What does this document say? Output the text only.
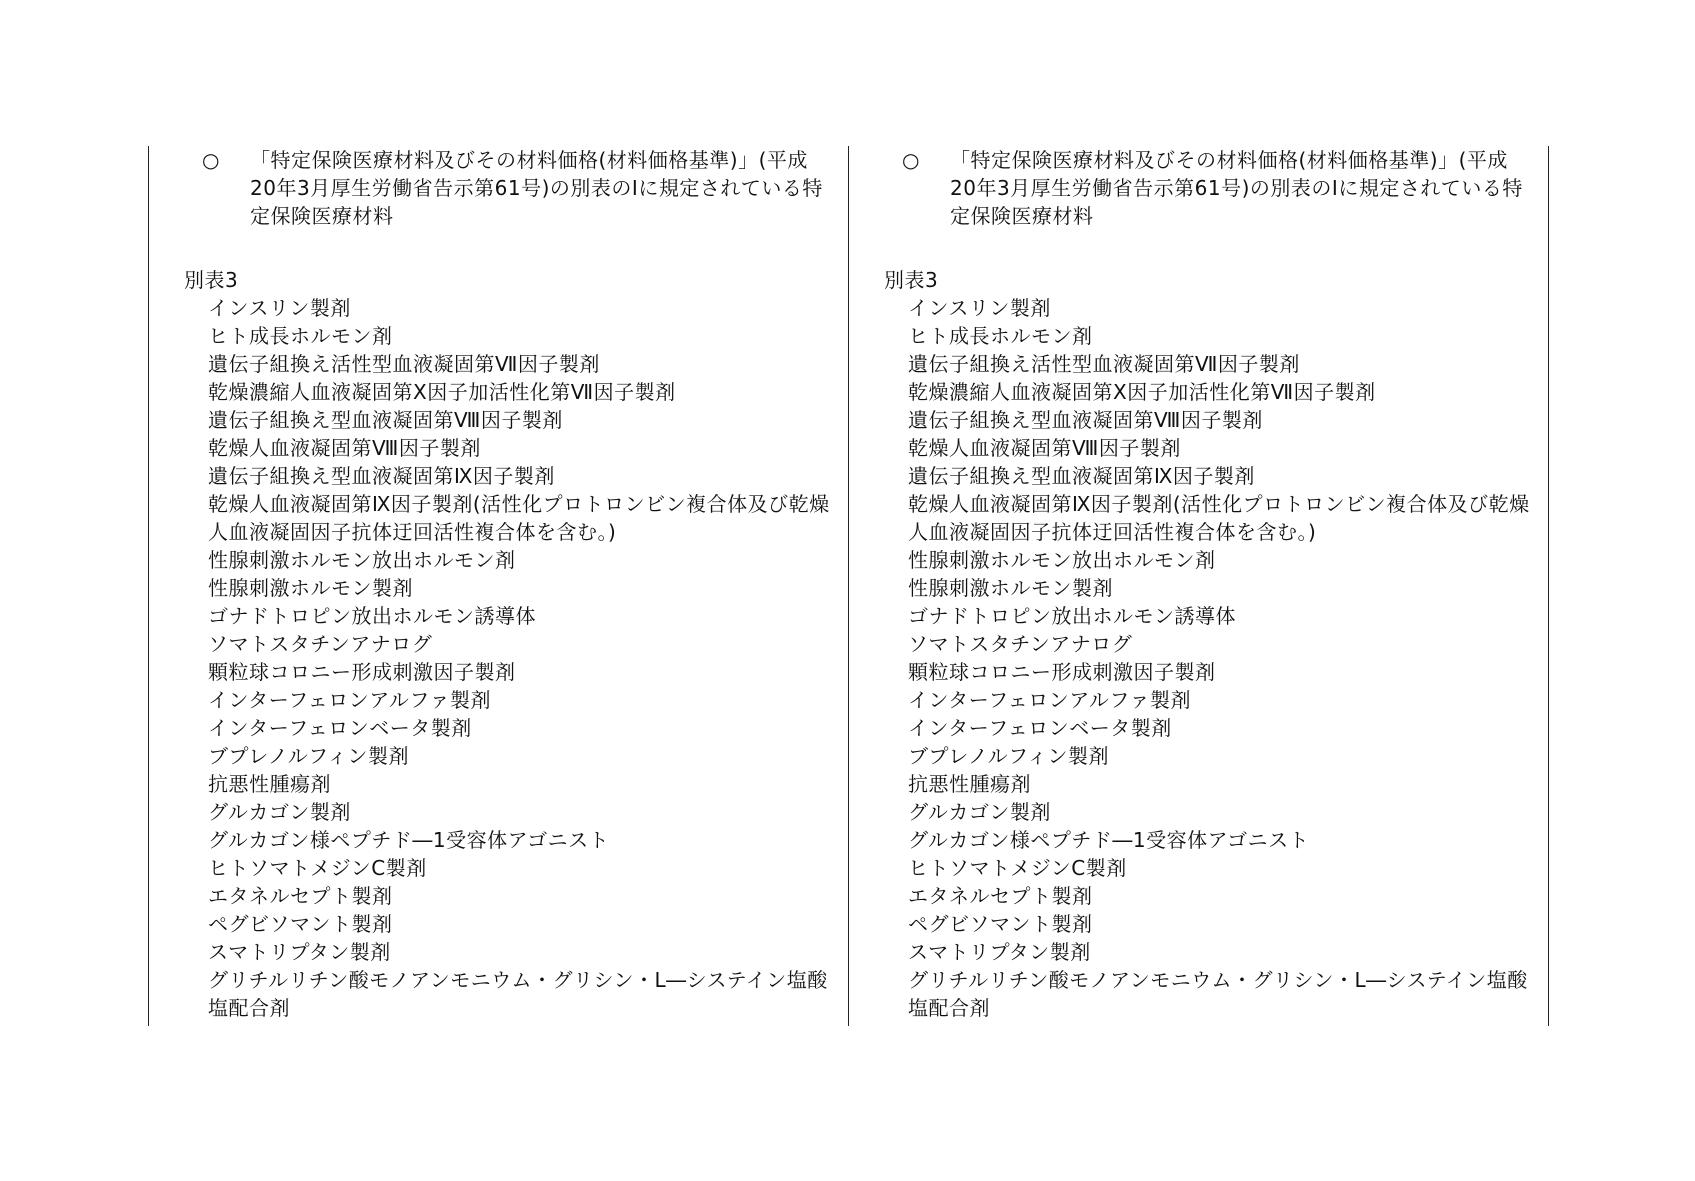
○	「特定保険医療材料及びその材料価格(材料価格基準)」(平成20年3月厚生労働省告示第61号)の別表のⅠに規定されている特定保険医療材料
別表3
インスリン製剤
ヒト成長ホルモン剤
遺伝子組換え活性型血液凝固第Ⅶ因子製剤
乾燥濃縮人血液凝固第Ⅹ因子加活性化第Ⅶ因子製剤
遺伝子組換え型血液凝固第Ⅷ因子製剤
乾燥人血液凝固第Ⅷ因子製剤
遺伝子組換え型血液凝固第Ⅸ因子製剤
乾燥人血液凝固第Ⅸ因子製剤(活性化プロトロンビン複合体及び乾燥人血液凝固因子抗体迂回活性複合体を含む。)
性腺刺激ホルモン放出ホルモン剤
性腺刺激ホルモン製剤
ゴナドトロピン放出ホルモン誘導体
ソマトスタチンアナログ
顆粒球コロニー形成刺激因子製剤
インターフェロンアルファ製剤
インターフェロンベータ製剤
ブプレノルフィン製剤
抗悪性腫瘍剤
グルカゴン製剤
グルカゴン様ペプチド―1受容体アゴニスト
ヒトソマトメジンC製剤
エタネルセプト製剤
ペグビソマント製剤
スマトリプタン製剤
グリチルリチン酸モノアンモニウム・グリシン・L―システイン塩酸塩配合剤
○	「特定保険医療材料及びその材料価格(材料価格基準)」(平成20年3月厚生労働省告示第61号)の別表のⅠに規定されている特定保険医療材料
別表3
インスリン製剤
ヒト成長ホルモン剤
遺伝子組換え活性型血液凝固第Ⅶ因子製剤
乾燥濃縮人血液凝固第Ⅹ因子加活性化第Ⅶ因子製剤
遺伝子組換え型血液凝固第Ⅷ因子製剤
乾燥人血液凝固第Ⅷ因子製剤
遺伝子組換え型血液凝固第Ⅸ因子製剤
乾燥人血液凝固第Ⅸ因子製剤(活性化プロトロンビン複合体及び乾燥人血液凝固因子抗体迂回活性複合体を含む。)
性腺刺激ホルモン放出ホルモン剤
性腺刺激ホルモン製剤
ゴナドトロピン放出ホルモン誘導体
ソマトスタチンアナログ
顆粒球コロニー形成刺激因子製剤
インターフェロンアルファ製剤
インターフェロンベータ製剤
ブプレノルフィン製剤
抗悪性腫瘍剤
グルカゴン製剤
グルカゴン様ペプチド―1受容体アゴニスト
ヒトソマトメジンC製剤
エタネルセプト製剤
ペグビソマント製剤
スマトリプタン製剤
グリチルリチン酸モノアンモニウム・グリシン・L―システイン塩酸塩配合剤
